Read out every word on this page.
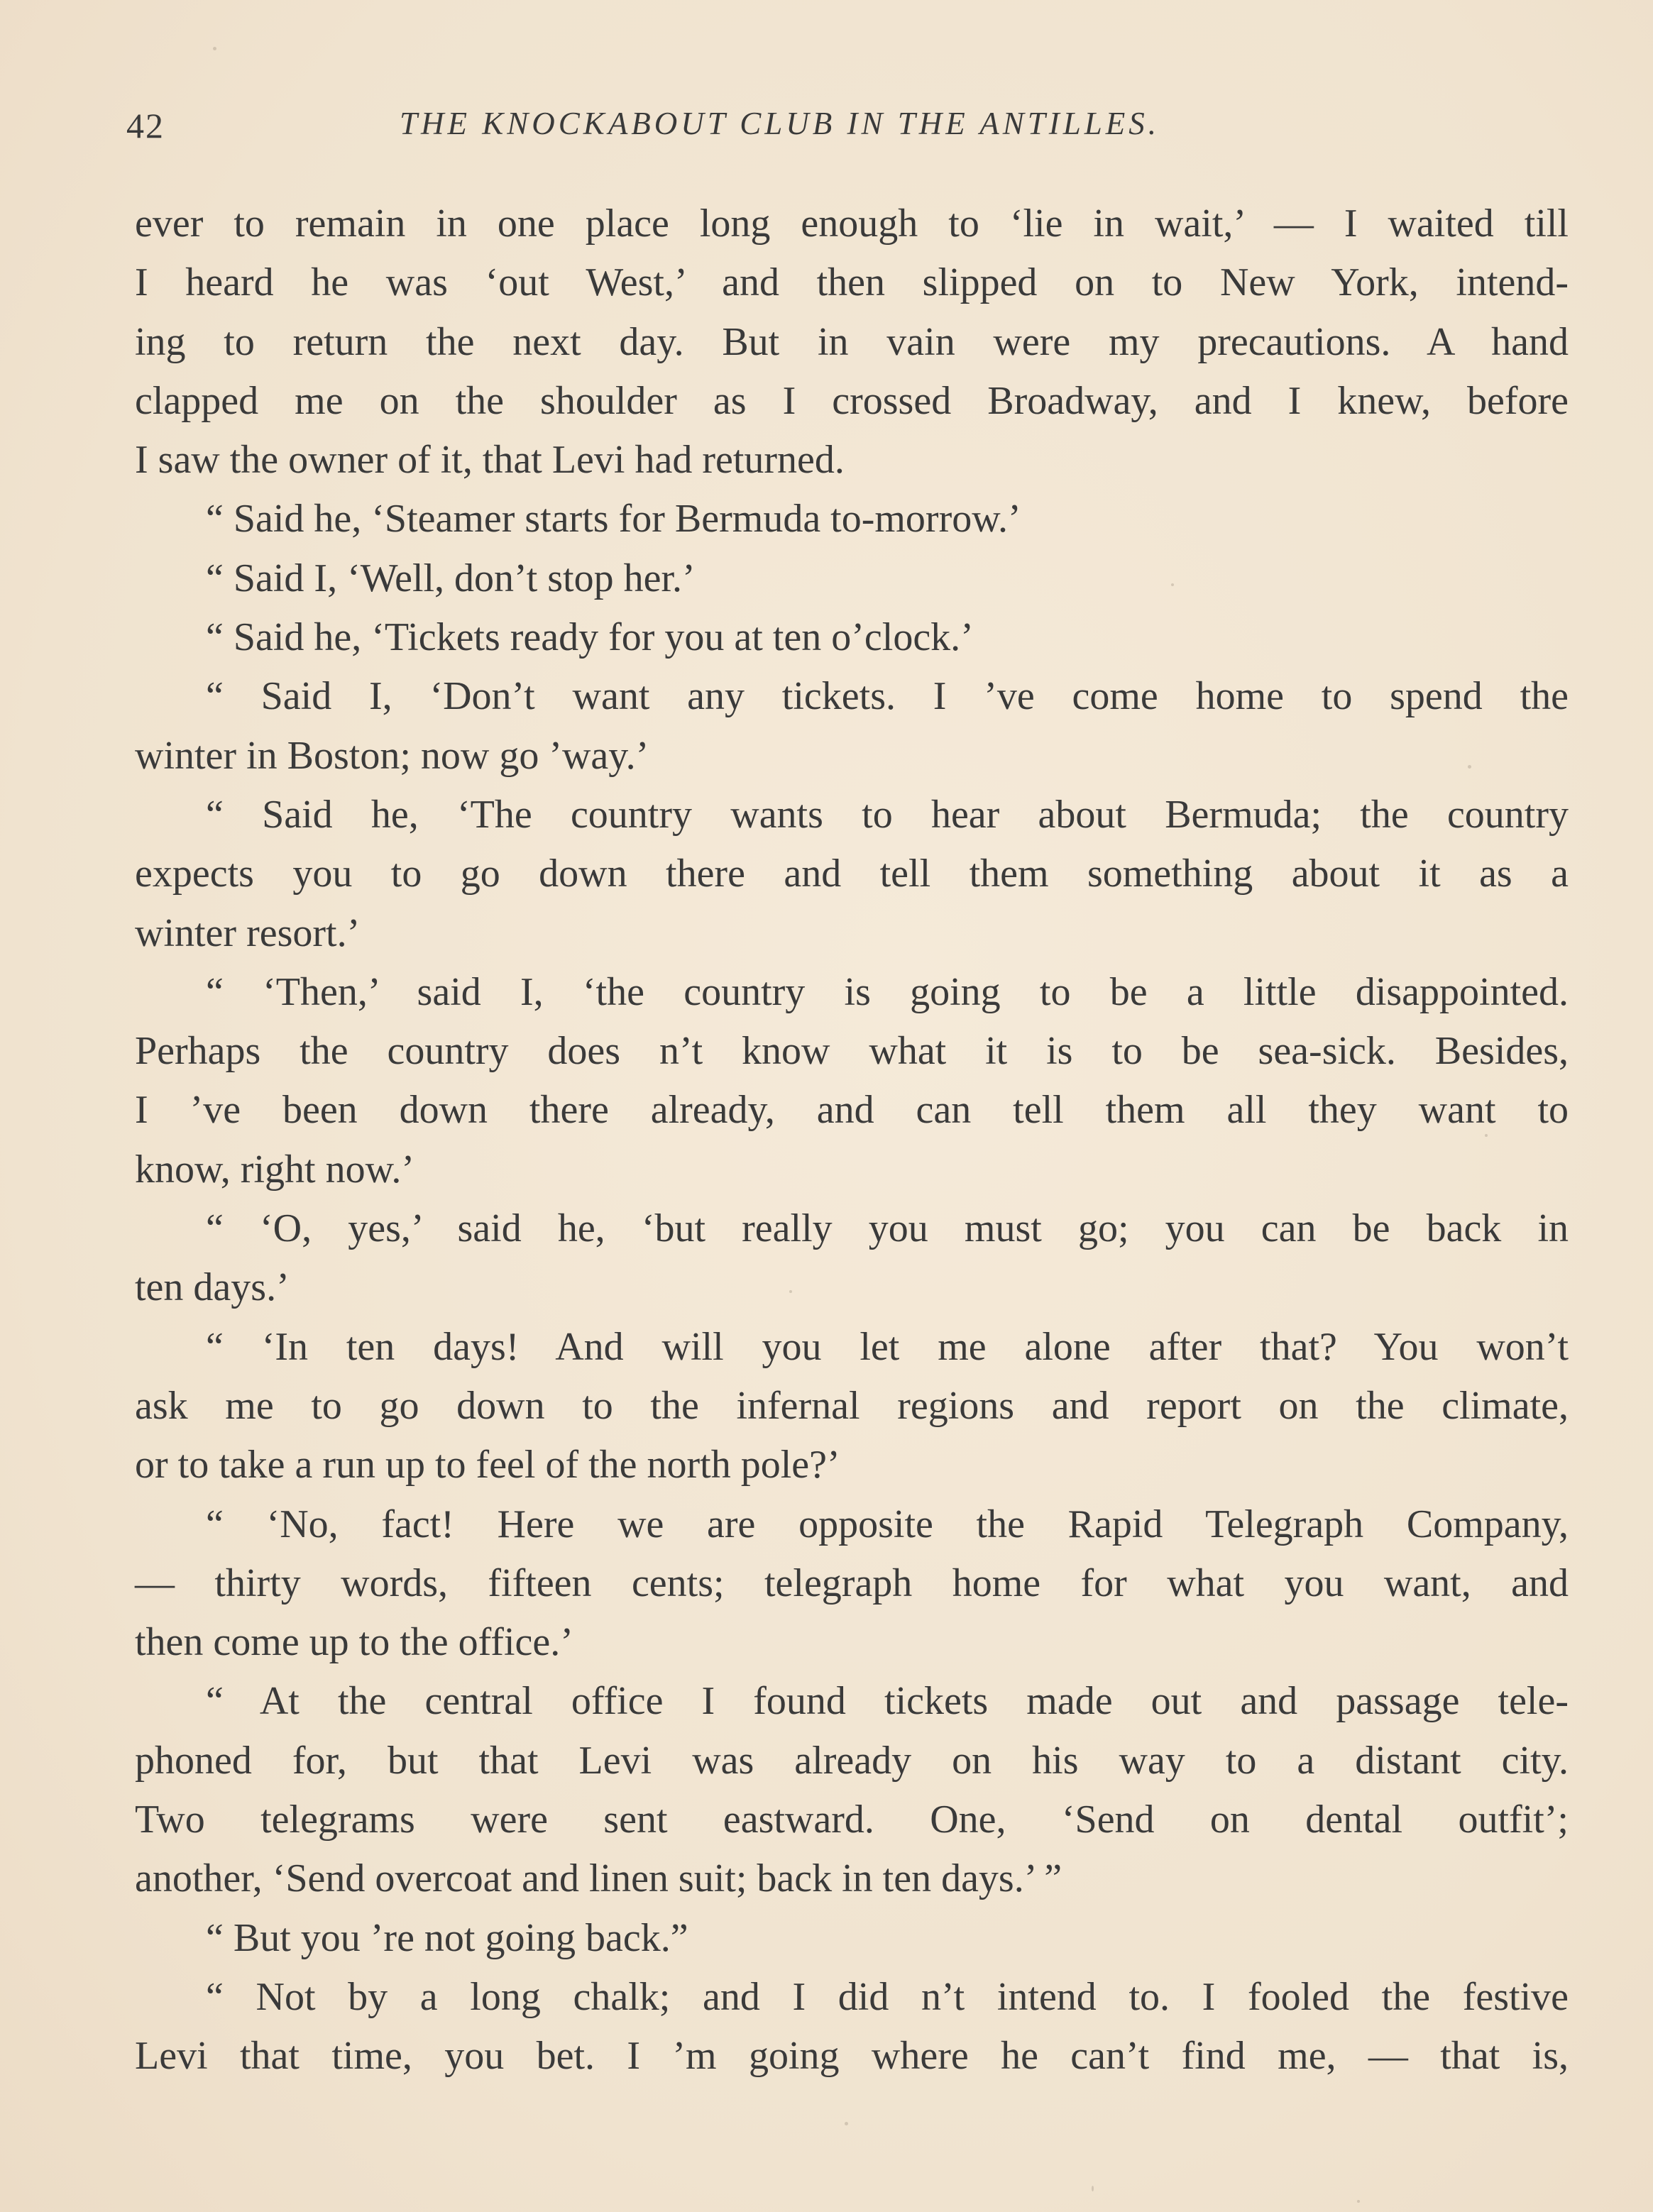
42	THE KNOCKABOUT CLUB IN THE ANTILLES.
ever to remain in one place long enough to ‘lie in wait,’ — I waited till
I heard he was ‘out West,’ and then slipped on to New York, intend-
ing to return the next day. But in vain were my precautions. A hand
clapped me on the shoulder as I crossed Broadway, and I knew, before
I saw the owner of it, that Levi had returned.
“ Said he, ‘Steamer starts for Bermuda to-morrow.’
“ Said I, ‘Well, don’t stop her.’
“ Said he, ‘Tickets ready for you at ten o’clock.’
“ Said I, ‘Don’t want any tickets. I ’ve come home to spend the
winter in Boston; now go ’way.’
“ Said he, ‘The country wants to hear about Bermuda; the country
expects you to go down there and tell them something about it as a
winter resort.’
“ ‘Then,’ said I, ‘the country is going to be a little disappointed.
Perhaps the country does n’t know what it is to be sea-sick. Besides,
I ’ve been down there already, and can tell them all they want to
know, right now.’
“ ‘O, yes,’ said he, ‘but really you must go; you can be back in
ten days.’
“ ‘In ten days! And will you let me alone after that? You won’t
ask me to go down to the infernal regions and report on the climate,
or to take a run up to feel of the north pole?’
“ ‘No, fact! Here we are opposite the Rapid Telegraph Company,
— thirty words, fifteen cents; telegraph home for what you want, and
then come up to the office.’
“ At the central office I found tickets made out and passage tele-
phoned for, but that Levi was already on his way to a distant city.
Two telegrams were sent eastward. One, ‘Send on dental outfit’;
another, ‘Send overcoat and linen suit; back in ten days.’ ”
“ But you ’re not going back.”
“ Not by a long chalk; and I did n’t intend to. I fooled the festive
Levi that time, you bet. I ’m going where he can’t find me, — that is,
